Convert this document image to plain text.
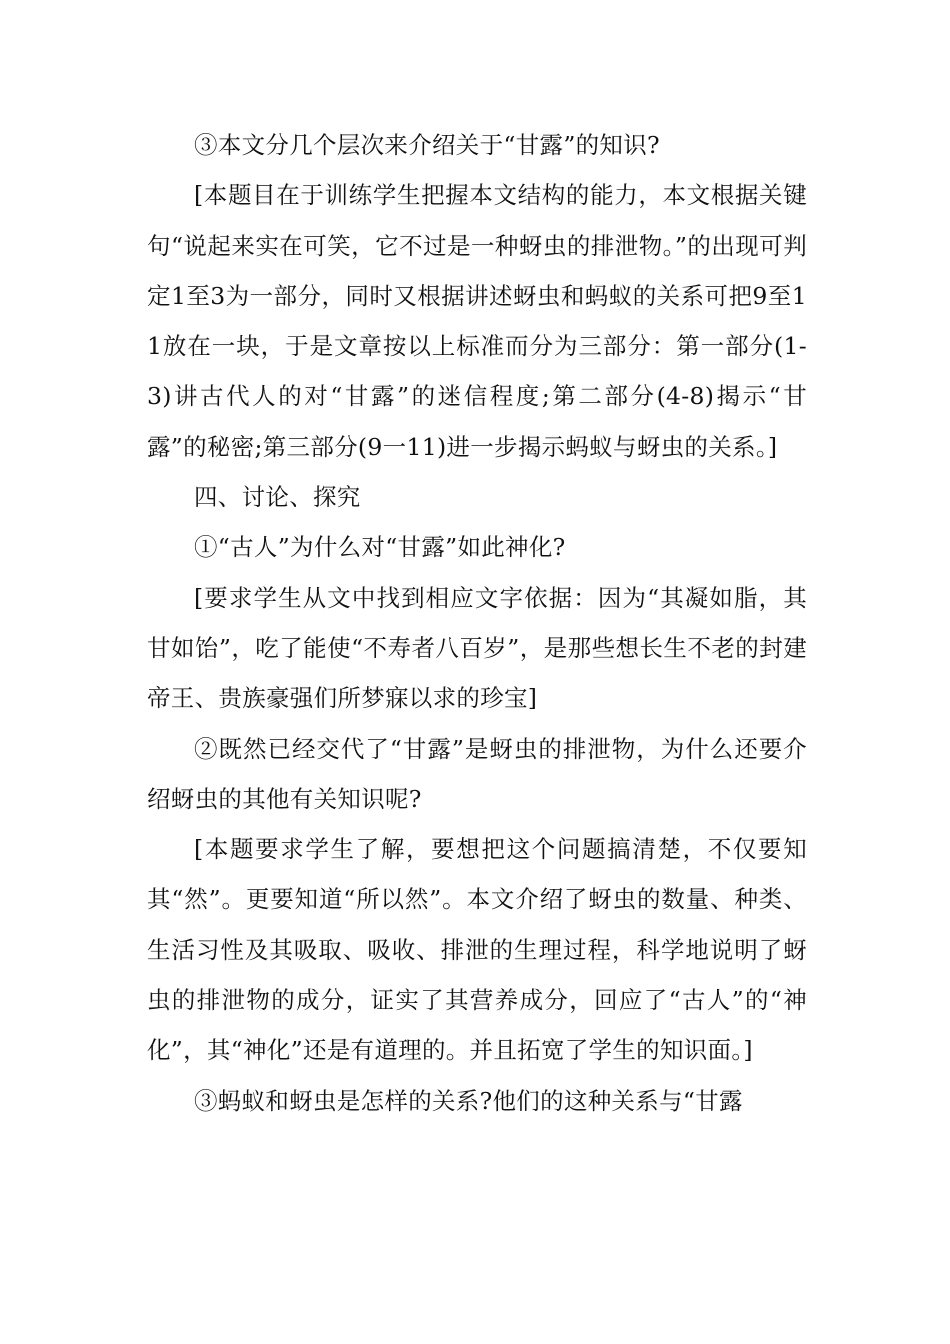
③本文分几个层次来介绍关于“甘露”的知识?

[本题目在于训练学生把握本文结构的能力，本文根据关键句“说起来实在可笑，它不过是一种蚜虫的排泄物。”的出现可判定1至3为一部分，同时又根据讲述蚜虫和蚂蚁的关系可把9至11放在一块，于是文章按以上标准而分为三部分：第一部分(1-3)讲古代人的对“甘露”的迷信程度;第二部分(4-8)揭示“甘露”的秘密;第三部分(9一11)进一步揭示蚂蚁与蚜虫的关系。]

四、讨论、探究

①“古人”为什么对“甘露”如此神化?

[要求学生从文中找到相应文字依据：因为“其凝如脂，其甘如饴”，吃了能使“不寿者八百岁”，是那些想长生不老的封建帝王、贵族豪强们所梦寐以求的珍宝]

②既然已经交代了“甘露”是蚜虫的排泄物，为什么还要介绍蚜虫的其他有关知识呢?

[本题要求学生了解，要想把这个问题搞清楚，不仅要知其“然”。更要知道“所以然”。本文介绍了蚜虫的数量、种类、生活习性及其吸取、吸收、排泄的生理过程，科学地说明了蚜虫的排泄物的成分，证实了其营养成分，回应了“古人”的“神化”，其“神化”还是有道理的。并且拓宽了学生的知识面。]

③蚂蚁和蚜虫是怎样的关系?他们的这种关系与“甘露
